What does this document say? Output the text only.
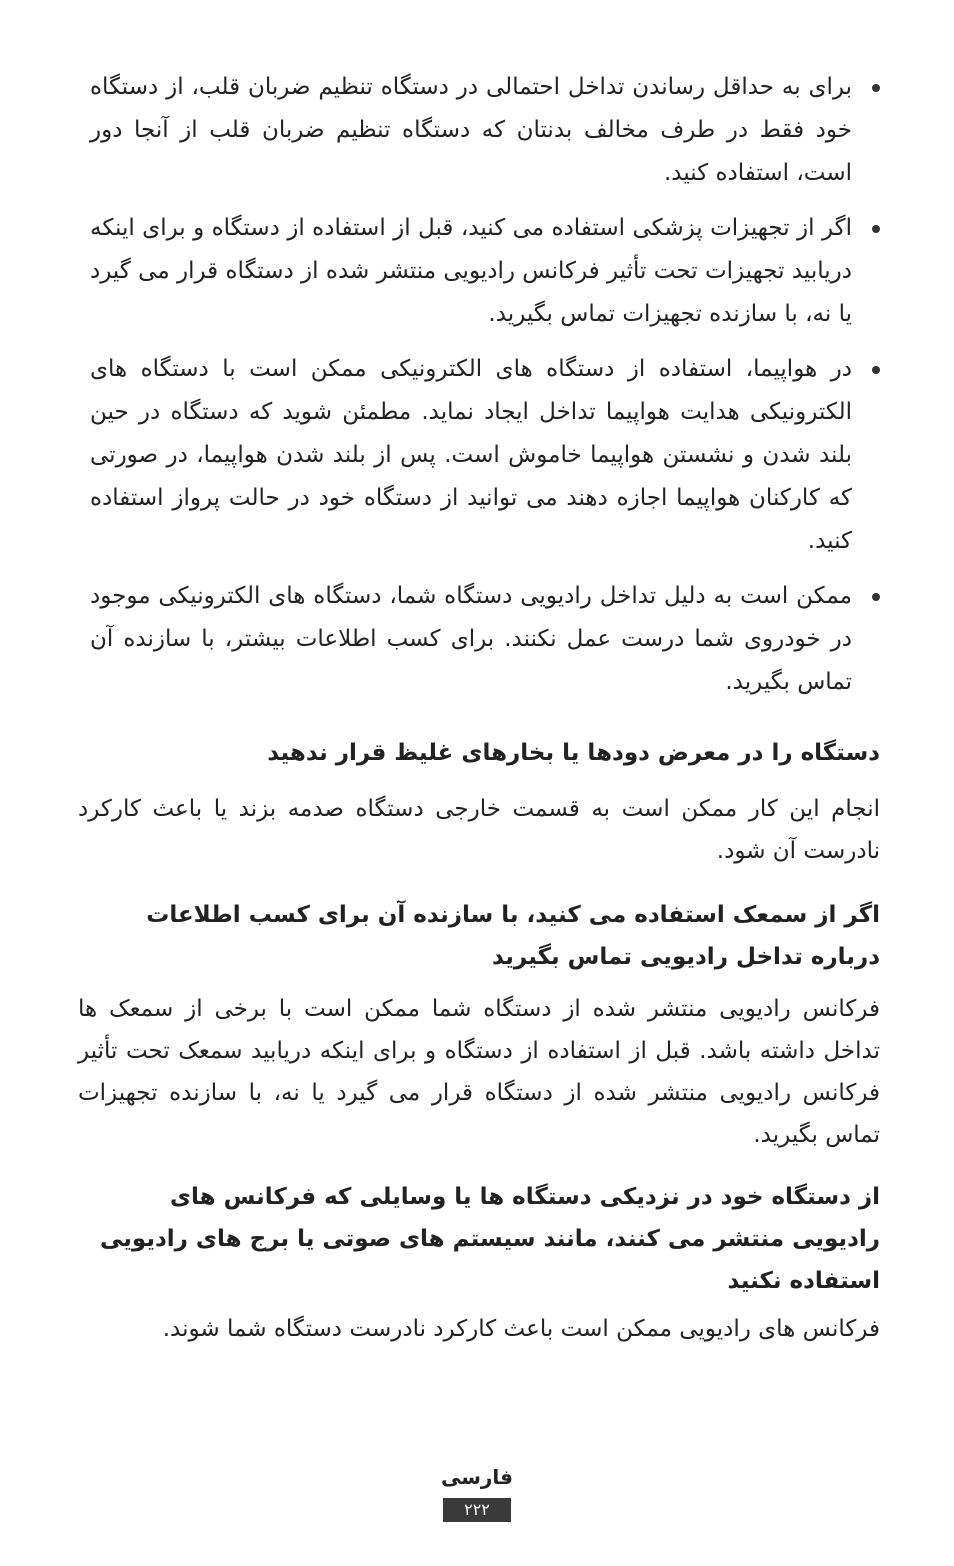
برای به حداقل رساندن تداخل احتمالی در دستگاه تنظیم ضربان قلب، از دستگاه خود فقط در طرف مخالف بدنتان که دستگاه تنظیم ضربان قلب از آنجا دور است، استفاده کنید.
اگر از تجهیزات پزشکی استفاده می کنید، قبل از استفاده از دستگاه و برای اینکه دریابید تجهیزات تحت تأثیر فرکانس رادیویی منتشر شده از دستگاه قرار می گیرد یا نه، با سازنده تجهیزات تماس بگیرید.
در هواپیما، استفاده از دستگاه های الکترونیکی ممکن است با دستگاه های الکترونیکی هدایت هواپیما تداخل ایجاد نماید. مطمئن شوید که دستگاه در حین بلند شدن و نشستن هواپیما خاموش است. پس از بلند شدن هواپیما، در صورتی که کارکنان هواپیما اجازه دهند می توانید از دستگاه خود در حالت پرواز استفاده کنید.
ممکن است به دلیل تداخل رادیویی دستگاه شما، دستگاه های الکترونیکی موجود در خودروی شما درست عمل نکنند. برای کسب اطلاعات بیشتر، با سازنده آن تماس بگیرید.
دستگاه را در معرض دودها یا بخارهای غلیظ قرار ندهید

انجام این کار ممکن است به قسمت خارجی دستگاه صدمه بزند یا باعث کارکرد نادرست آن شود.

اگر از سمعک استفاده می کنید، با سازنده آن برای کسب اطلاعات درباره تداخل رادیویی تماس بگیرید

فرکانس رادیویی منتشر شده از دستگاه شما ممکن است با برخی از سمعک ها تداخل داشته باشد. قبل از استفاده از دستگاه و برای اینکه دریابید سمعک تحت تأثیر فرکانس رادیویی منتشر شده از دستگاه قرار می گیرد یا نه، با سازنده تجهیزات تماس بگیرید.

از دستگاه خود در نزدیکی دستگاه ها یا وسایلی که فرکانس های رادیویی منتشر می کنند، مانند سیستم های صوتی یا برج های رادیویی استفاده نکنید

فرکانس های رادیویی ممکن است باعث کارکرد نادرست دستگاه شما شوند.

فارسی
۲۲۲
